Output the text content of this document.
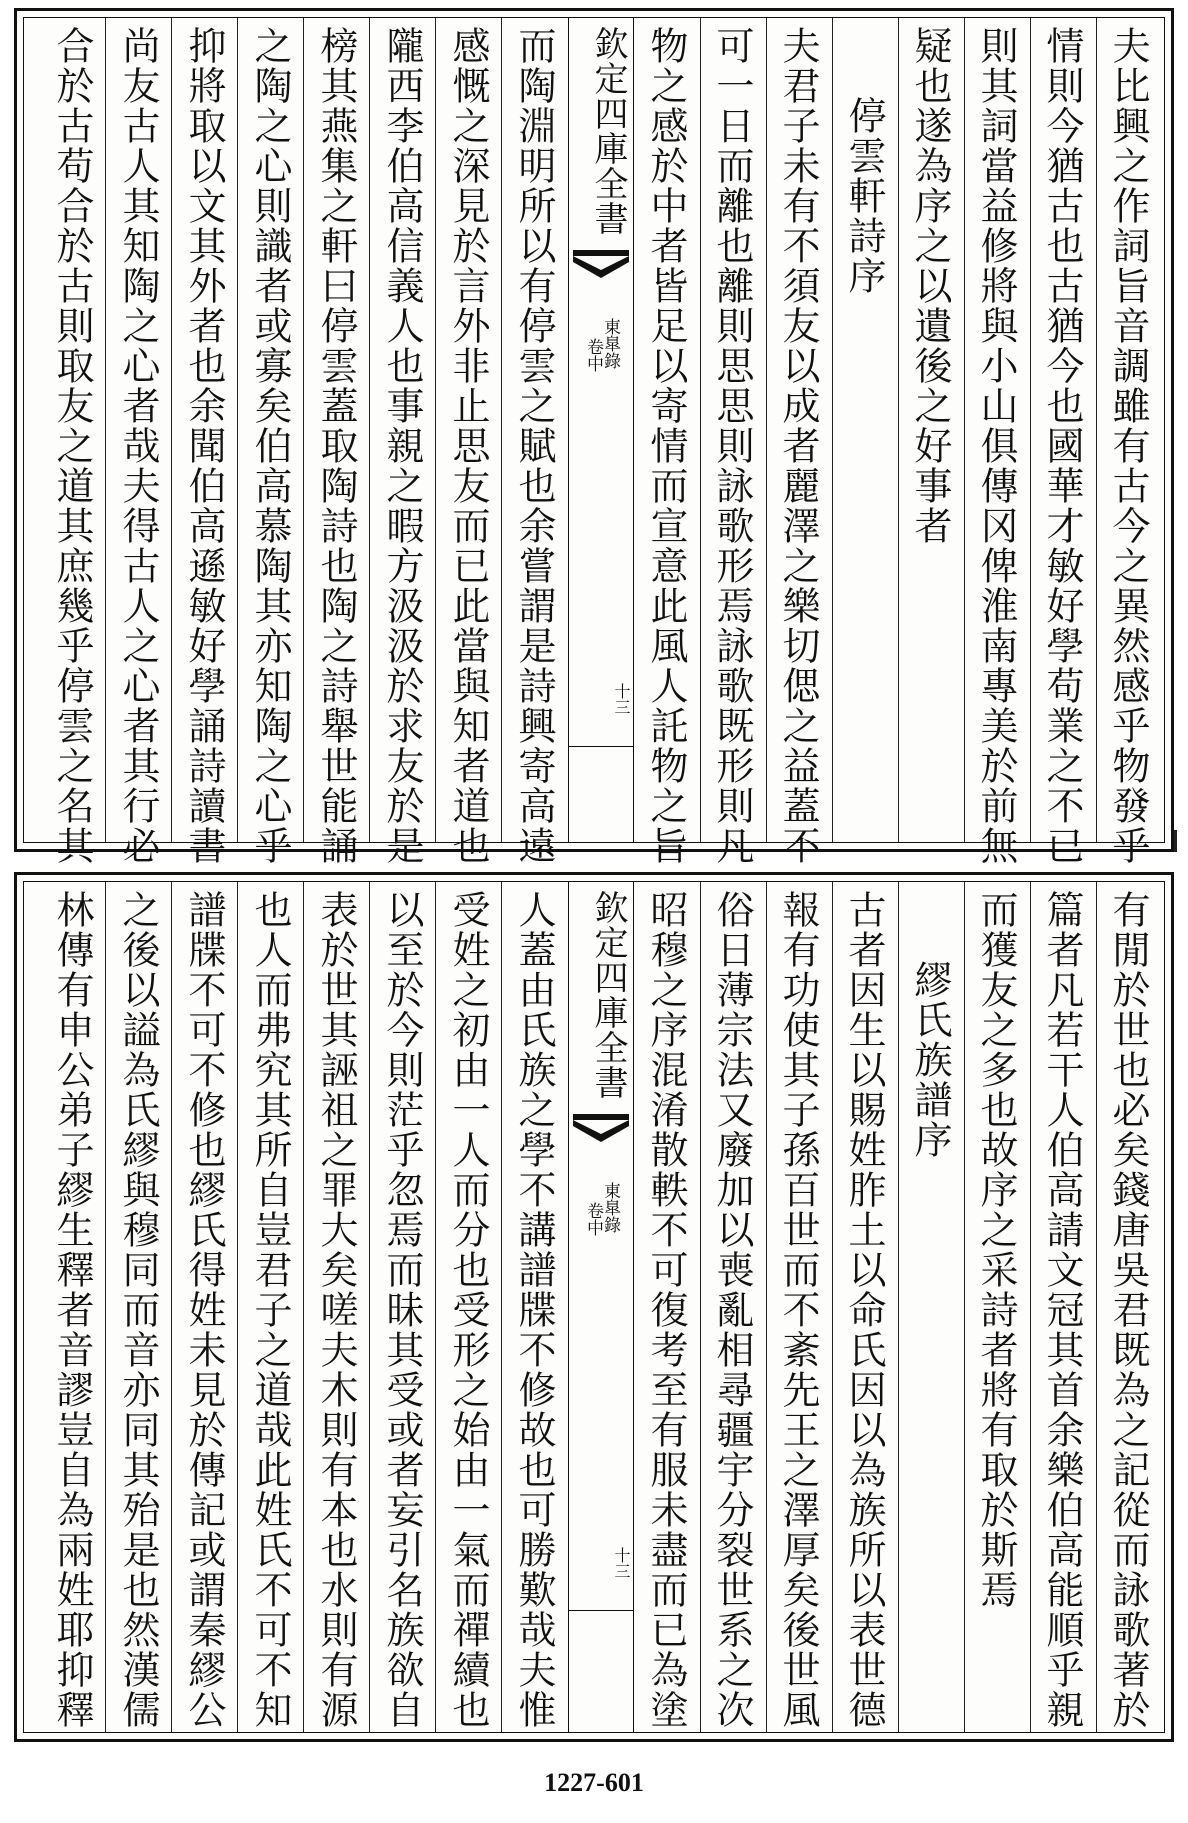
夫比興之作詞旨音調雖有古今之異然感乎物發乎
情則今猶古也古猶今也國華才敏好學苟業之不已
則其詞當益修將與小山俱傳冈俾淮南專美於前無
疑也遂為序之以遺後之好事者
停雲軒詩序
夫君子未有不須友以成者麗澤之樂切偲之益蓋不
可一日而離也離則思思則詠歌形焉詠歌既形則凡
物之感於中者皆足以寄情而宣意此風人託物之旨
欽定四庫全書
東臯錄
卷中
十三
而陶淵明所以有停雲之賦也余嘗謂是詩興寄高遠
感慨之深見於言外非止思友而已此當與知者道也
隴西李伯高信義人也事親之暇方汲汲於求友於是
榜其燕集之軒曰停雲蓋取陶詩也陶之詩舉世能誦
之陶之心則識者或寡矣伯高慕陶其亦知陶之心乎
抑將取以文其外者也余聞伯高遜敏好學誦詩讀書
尚友古人其知陶之心者哉夫得古人之心者其行必
合於古苟合於古則取友之道其庶幾乎停雲之名其
有閒於世也必矣錢唐吳君既為之記從而詠歌著於
篇者凡若干人伯高請文冠其首余樂伯高能順乎親
而獲友之多也故序之采詩者將有取於斯焉
繆氏族譜序
古者因生以賜姓胙土以命氏因以為族所以表世德
報有功使其子孫百世而不紊先王之澤厚矣後世風
俗日薄宗法又廢加以喪亂相尋疆宇分裂世系之次
昭穆之序混淆散軼不可復考至有服未盡而已為塗
欽定四庫全書
東臯錄
卷中
十三
人蓋由氏族之學不講譜牒不修故也可勝歎哉夫惟
受姓之初由一人而分也受形之始由一氣而禪續也
以至於今則茫乎忽焉而昧其受或者妄引名族欲自
表於世其誣祖之罪大矣嗟夫木則有本也水則有源
也人而弗究其所自豈君子之道哉此姓氏不可不知
譜牒不可不修也繆氏得姓未見於傳記或謂秦繆公
之後以謚為氏繆與穆同而音亦同其殆是也然漢儒
林傳有申公弟子繆生釋者音謬豈自為兩姓耶抑釋
1227-601
